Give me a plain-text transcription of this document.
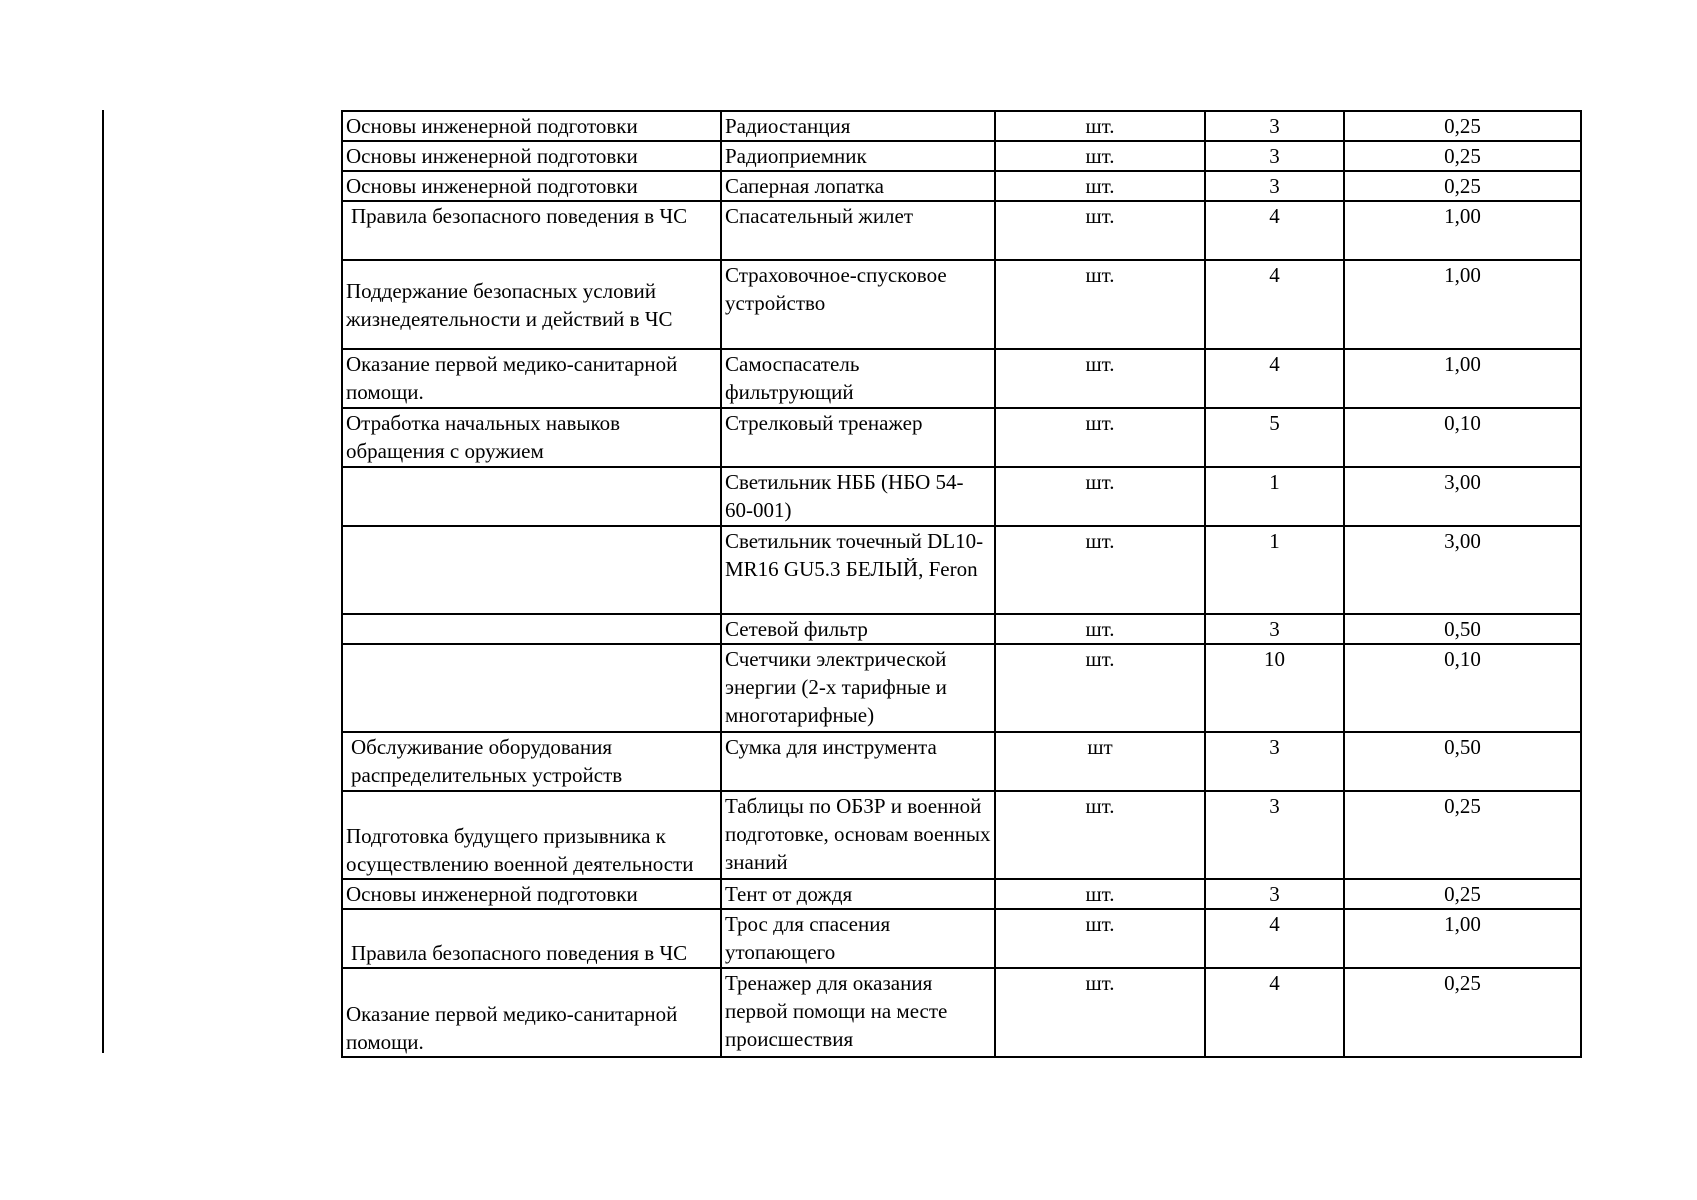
Основы инженерной подготовки	Радиостанция	шт.	3	0,25
Основы инженерной подготовки	Радиоприемник	шт.	3	0,25
Основы инженерной подготовки	Саперная лопатка	шт.	3	0,25
Правила безопасного поведения в ЧС	Спасательный жилет	шт.	4	1,00
Поддержание безопасных условий жизнедеятельности и действий в ЧС	Страховочное-спусковое устройство	шт.	4	1,00
Оказание первой медико-санитарной помощи.	Самоспасатель фильтрующий	шт.	4	1,00
Отработка начальных навыков обращения с оружием	Стрелковый тренажер	шт.	5	0,10
	Светильник НББ (НБО 54-60-001)	шт.	1	3,00
	Светильник точечный DL10-MR16 GU5.3 БЕЛЫЙ, Feron	шт.	1	3,00
	Сетевой фильтр	шт.	3	0,50
	Счетчики электрической энергии (2-х тарифные и многотарифные)	шт.	10	0,10
Обслуживание оборудования распределительных устройств	Сумка для инструмента	шт	3	0,50
Подготовка будущего призывника к осуществлению военной деятельности	Таблицы по ОБЗР и военной подготовке, основам военных знаний	шт.	3	0,25
Основы инженерной подготовки	Тент от дождя	шт.	3	0,25
Правила безопасного поведения в ЧС	Трос для спасения утопающего	шт.	4	1,00
Оказание первой медико-санитарной помощи.	Тренажер для оказания первой помощи на месте происшествия	шт.	4	0,25
